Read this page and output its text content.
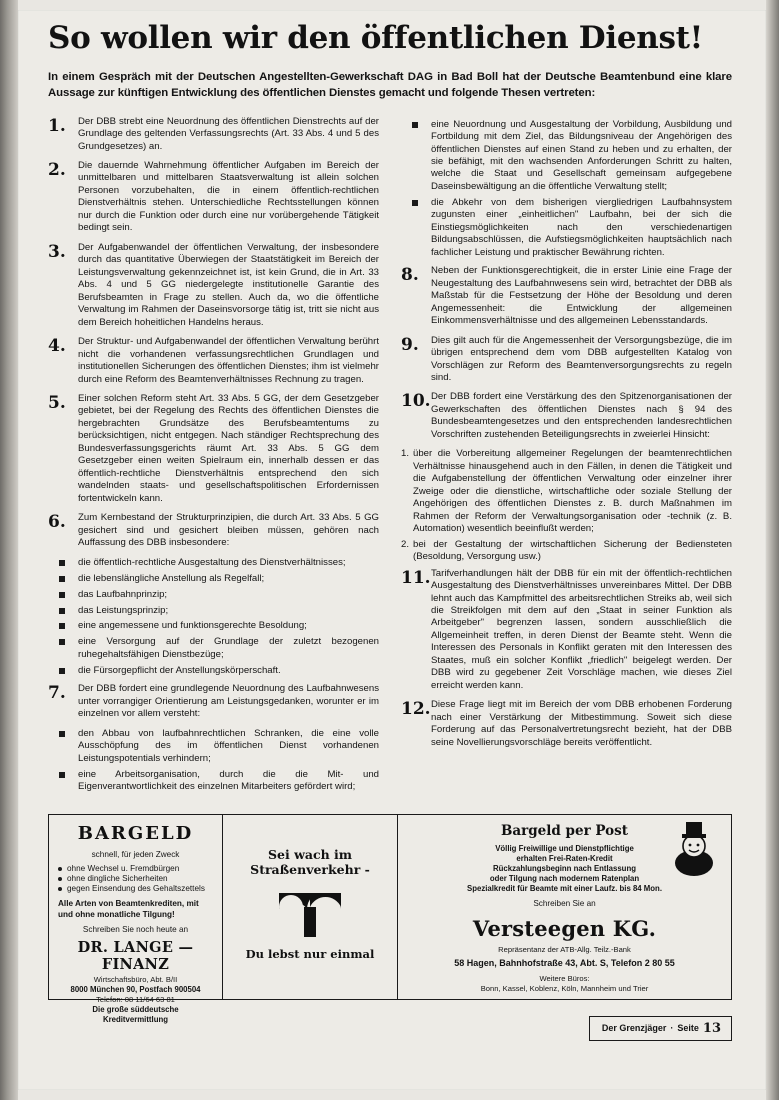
So wollen wir den öffentlichen Dienst!
In einem Gespräch mit der Deutschen Angestellten-Gewerkschaft DAG in Bad Boll hat der Deutsche Beamtenbund eine klare Aussage zur künftigen Entwicklung des öffentlichen Dienstes gemacht und folgende Thesen vertreten:
1.	Der DBB strebt eine Neuordnung des öffentlichen Dienstrechts auf der Grundlage des geltenden Verfassungsrechts (Art. 33 Abs. 4 und 5 des Grundgesetzes) an.
2.	Die dauernde Wahrnehmung öffentlicher Aufgaben im Bereich der unmittelbaren und mittelbaren Staatsverwaltung ist allein solchen Personen vorzubehalten, die in einem öffentlich-rechtlichen Dienstverhältnis stehen. Unterschiedliche Rechtsstellungen können nur durch die Funktion oder durch eine nur vorübergehende Tätigkeit bedingt sein.
3.	Der Aufgabenwandel der öffentlichen Verwaltung, der insbesondere durch das quantitative Überwiegen der Staatstätigkeit im Bereich der Leistungsverwaltung gekennzeichnet ist, ist kein Grund, die in Art. 33 Abs. 4 und 5 GG niedergelegte institutionelle Garantie des Berufsbeamten in Frage zu stellen. Auch da, wo die öffentliche Verwaltung im Rahmen der Daseinsvorsorge tätig ist, tritt sie nicht aus dem Bereich hoheitlichen Handelns heraus.
4.	Der Struktur- und Aufgabenwandel der öffentlichen Verwaltung berührt nicht die vorhandenen verfassungsrechtlichen Grundlagen und institutionellen Sicherungen des öffentlichen Dienstes; ihm ist vielmehr durch eine Reform des Beamtenverhältnisses Rechnung zu tragen.
5.	Einer solchen Reform steht Art. 33 Abs. 5 GG, der dem Gesetzgeber gebietet, bei der Regelung des Rechts des öffentlichen Dienstes die hergebrachten Grundsätze des Berufsbeamtentums zu berücksichtigen, nicht entgegen. Nach ständiger Rechtsprechung des Bundesverfassungsgerichts räumt Art. 33 Abs. 5 GG dem Gesetzgeber einen weiten Spielraum ein, innerhalb dessen er das öffentlich-rechtliche Dienstverhältnis entsprechend den sich wandelnden staats- und gesellschaftspolitischen Erfordernissen fortentwickeln kann.
6.	Zum Kernbestand der Strukturprinzipien, die durch Art. 33 Abs. 5 GG gesichert sind und gesichert bleiben müssen, gehören nach Auffassung des DBB insbesondere:
die öffentlich-rechtliche Ausgestaltung des Dienstverhältnisses;
die lebenslängliche Anstellung als Regelfall;
das Laufbahnprinzip;
das Leistungsprinzip;
eine angemessene und funktionsgerechte Besoldung;
eine Versorgung auf der Grundlage der zuletzt bezogenen ruhegehaltsfähigen Dienstbezüge;
die Fürsorgepflicht der Anstellungskörperschaft.
7.	Der DBB fordert eine grundlegende Neuordnung des Laufbahnwesens unter vorrangiger Orientierung am Leistungsgedanken, worunter er im einzelnen vor allem versteht:
den Abbau von laufbahnrechtlichen Schranken, die eine volle Ausschöpfung des im öffentlichen Dienst vorhandenen Leistungspotentials verhindern;
eine Arbeitsorganisation, durch die die Mit- und Eigenverantwortlichkeit des einzelnen Mitarbeiters gefördert wird;
eine Neuordnung und Ausgestaltung der Vorbildung, Ausbildung und Fortbildung mit dem Ziel, das Bildungsniveau der Angehörigen des öffentlichen Dienstes auf einen Stand zu heben und zu erhalten, der sie befähigt, mit den wachsenden Anforderungen Schritt zu halten, welche die Staat und Gesellschaft gemeinsam aufgegebene Daseinsbewältigung an die öffentliche Verwaltung stellt;
die Abkehr von dem bisherigen viergliedrigen Laufbahnsystem zugunsten einer „einheitlichen" Laufbahn, bei der sich die Einstiegsmöglichkeiten nach den verschiedenartigen Bildungsabschlüssen, die Aufstiegsmöglichkeiten hauptsächlich nach fachlicher Leistung und praktischer Bewährung richten.
8.	Neben der Funktionsgerechtigkeit, die in erster Linie eine Frage der Neugestaltung des Laufbahnwesens sein wird, betrachtet der DBB als Maßstab für die Festsetzung der Höhe der Besoldung und deren Angemessenheit: die Entwicklung der allgemeinen Einkommensverhältnisse und des allgemeinen Lebensstandards.
9.	Dies gilt auch für die Angemessenheit der Versorgungsbezüge, die im übrigen entsprechend dem vom DBB aufgestellten Katalog von Vorschlägen zur Reform des Beamtenversorgungsrechts zu regeln sind.
10. Der DBB fordert eine Verstärkung des den Spitzenorganisationen der Gewerkschaften des öffentlichen Dienstes nach § 94 des Bundesbeamtengesetzes und den entsprechenden landesrechtlichen Vorschriften zustehenden Beteiligungsrechts in zweierlei Hinsicht:
1. über die Vorbereitung allgemeiner Regelungen der beamtenrechtlichen Verhältnisse hinausgehend auch in den Fällen, in denen die Tätigkeit und die Aufgabenstellung der öffentlichen Verwaltung oder einzelner ihrer Zweige oder die dienstliche, wirtschaftliche oder soziale Stellung der Angehörigen des öffentlichen Dienstes z. B. durch Maßnahmen im Rahmen der Reform der Verwaltungsorganisation oder -technik (z. B. Automation) wesentlich beeinflußt werden;
2. bei der Gestaltung der wirtschaftlichen Sicherung der Bediensteten (Besoldung, Versorgung usw.)
11. Tarifverhandlungen hält der DBB für ein mit der öffentlich-rechtlichen Ausgestaltung des Dienstverhältnisses unvereinbares Mittel. Der DBB lehnt auch das Kampfmittel des arbeitsrechtlichen Streiks ab, weil sich die Streikfolgen mit dem auf den „Staat in seiner Funktion als Arbeitgeber" begrenzen lassen, sondern ausschließlich die Allgemeinheit treffen, in deren Dienst der Beamte steht. Wenn die Interessen des Personals in Konflikt geraten mit den Interessen des Staates, muß ein solcher Konflikt „friedlich" beigelegt werden. Der DBB wird zu gegebener Zeit Vorschläge machen, wie dieses Ziel erreicht werden kann.
12. Diese Frage liegt mit im Bereich der vom DBB erhobenen Forderung nach einer Verstärkung der Mitbestimmung. Soweit sich diese Forderung auf das Personalvertretungsrecht bezieht, hat der DBB seine Novellierungsvorschläge bereits veröffentlicht.
BARGELD
schnell, für jeden Zweck
ohne Wechsel u. Fremdbürgen
ohne dingliche Sicherheiten
gegen Einsendung des Gehaltszettels
Alle Arten von Beamtenkrediten, mit und ohne monatliche Tilgung!
Schreiben Sie noch heute an
DR. LANGE — FINANZ
Wirtschaftsbüro, Abt. B/II
8000 München 90, Postfach 900504
Telefon: 08 11/64 63 81
Die große süddeutsche
Kreditvermittlung
Sei wach im Straßenverkehr -
Du lebst nur einmal
Bargeld per Post
Völlig Freiwillige und Dienstpflichtige
erhalten Frei-Raten-Kredit
Rückzahlungsbeginn nach Entlassung
oder Tilgung nach modernem Ratenplan
Spezialkredit für Beamte mit einer Laufz. bis 84 Mon.
Schreiben Sie an
Versteegen KG.
Repräsentanz der ATB-Allg. Teilz.-Bank
58 Hagen, Bahnhofstraße 43, Abt. S, Telefon 2 80 55
Weitere Büros:
Bonn, Kassel, Koblenz, Köln, Mannheim und Trier
Der Grenzjäger · Seite 13
